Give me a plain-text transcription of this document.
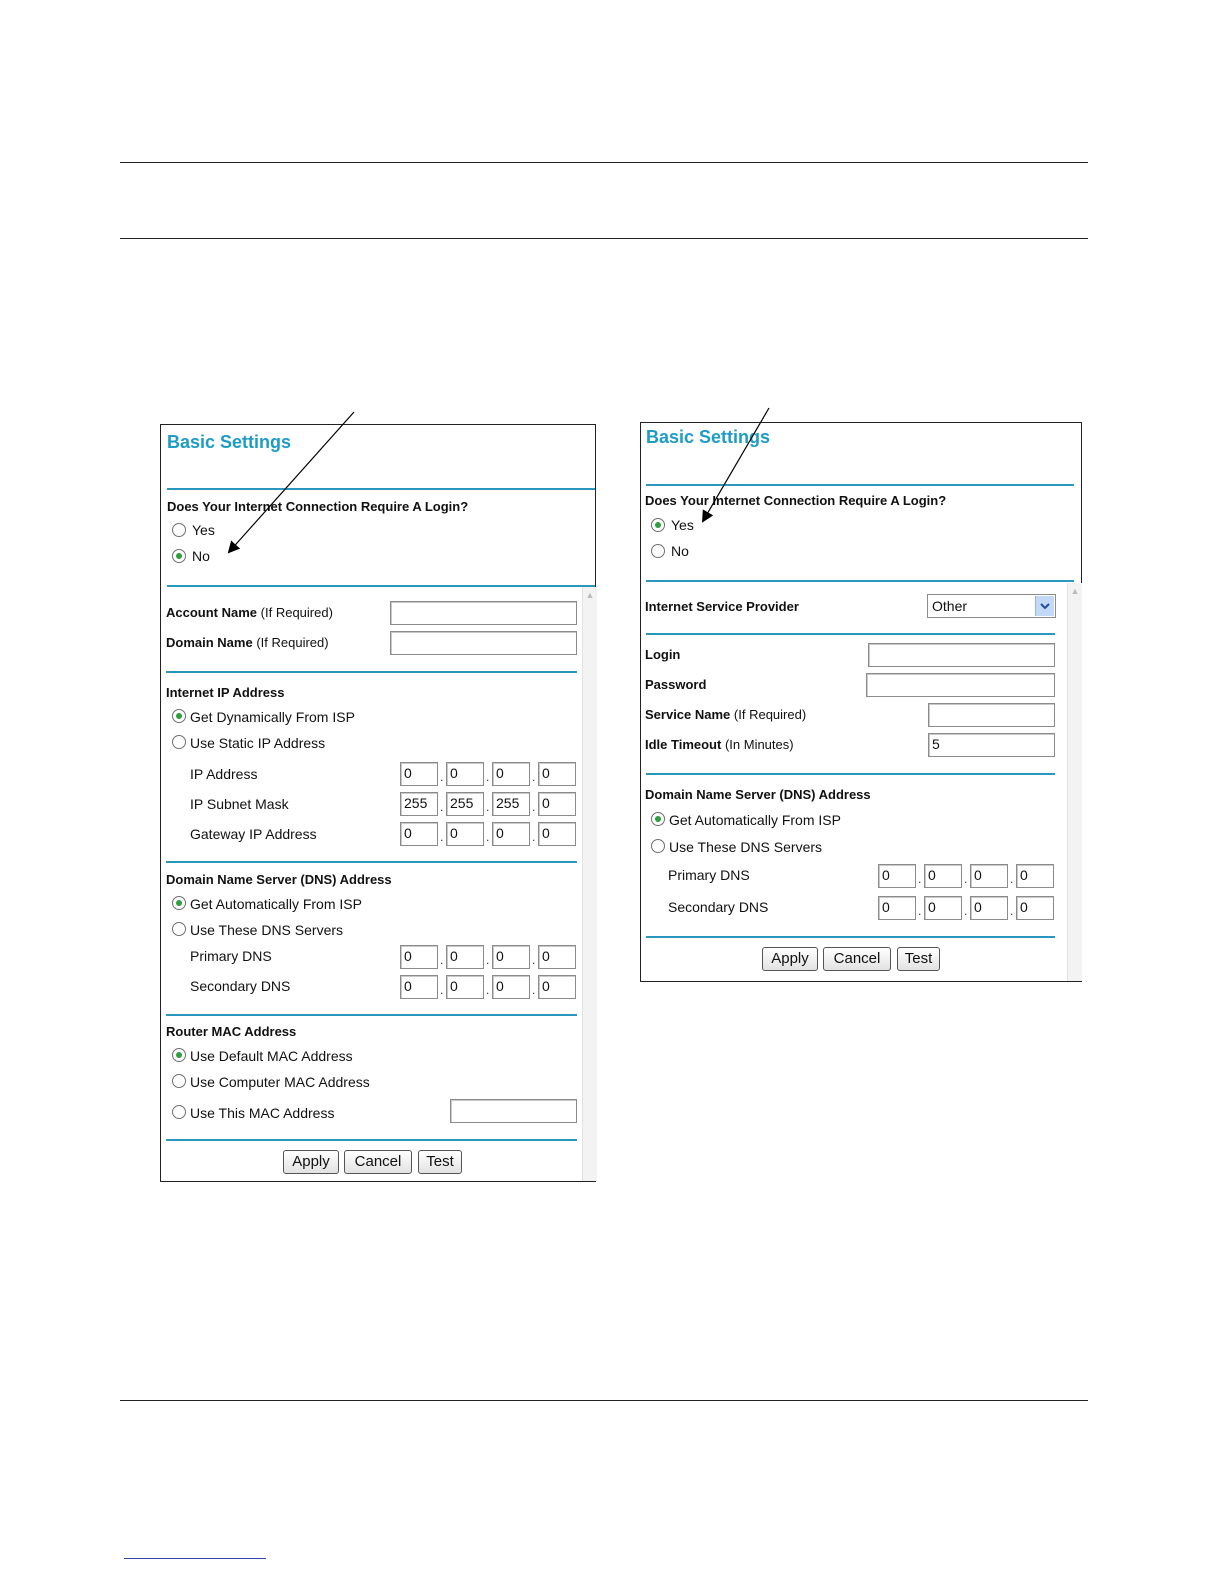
Basic Settings
Does Your Internet Connection Require A Login?
Yes
No
▲
Account Name (If Required)
Domain Name (If Required)
Internet IP Address
Get Dynamically From ISP
Use Static IP Address
IP Address	0	. 0	. 0	. 0
IP Subnet Mask	255	. 255	. 255	. 0
Gateway IP Address	0	. 0	. 0	. 0
Domain Name Server (DNS) Address
Get Automatically From ISP
Use These DNS Servers
Primary DNS	0	. 0	. 0	. 0
Secondary DNS	0	. 0	. 0	. 0
Router MAC Address
Use Default MAC Address
Use Computer MAC Address
Use This MAC Address
Apply	Cancel	Test
Basic Settings
Does Your Internet Connection Require A Login?
Yes
No
▲
Internet Service Provider	Other
Login
Password
Service Name (If Required)
Idle Timeout (In Minutes)	5
Domain Name Server (DNS) Address
Get Automatically From ISP
Use These DNS Servers
Primary DNS	0	. 0	. 0	. 0
Secondary DNS	0	. 0	. 0	. 0
Apply	Cancel	Test
